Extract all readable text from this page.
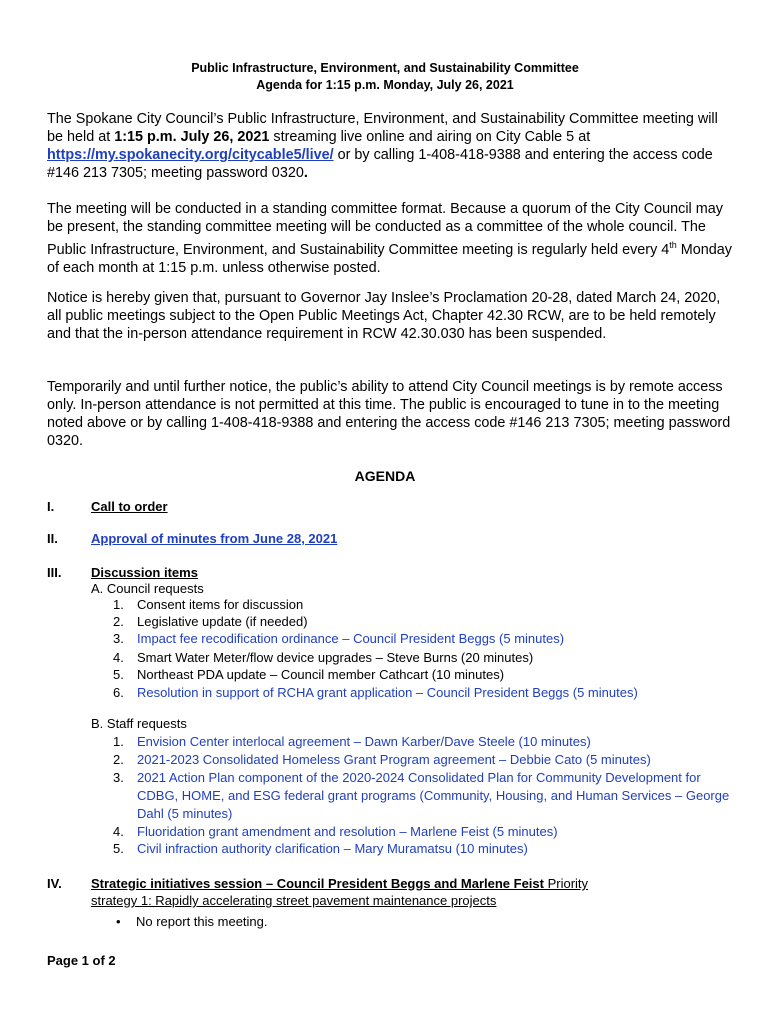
Public Infrastructure, Environment, and Sustainability Committee
Agenda for 1:15 p.m. Monday, July 26, 2021
The Spokane City Council’s Public Infrastructure, Environment, and Sustainability Committee meeting will be held at 1:15 p.m. July 26, 2021 streaming live online and airing on City Cable 5 at https://my.spokanecity.org/citycable5/live/ or by calling 1-408-418-9388 and entering the access code #146 213 7305; meeting password 0320.
The meeting will be conducted in a standing committee format. Because a quorum of the City Council may be present, the standing committee meeting will be conducted as a committee of the whole council. The Public Infrastructure, Environment, and Sustainability Committee meeting is regularly held every 4th Monday of each month at 1:15 p.m. unless otherwise posted.
Notice is hereby given that, pursuant to Governor Jay Inslee’s Proclamation 20-28, dated March 24, 2020, all public meetings subject to the Open Public Meetings Act, Chapter 42.30 RCW, are to be held remotely and that the in-person attendance requirement in RCW 42.30.030 has been suspended.
Temporarily and until further notice, the public’s ability to attend City Council meetings is by remote access only. In-person attendance is not permitted at this time. The public is encouraged to tune in to the meeting noted above or by calling 1-408-418-9388 and entering the access code #146 213 7305; meeting password 0320.
AGENDA
I.	Call to order
II.	Approval of minutes from June 28, 2021
III. Discussion items
A. Council requests
1. Consent items for discussion
2. Legislative update (if needed)
3. Impact fee recodification ordinance – Council President Beggs (5 minutes)
4. Smart Water Meter/flow device upgrades – Steve Burns (20 minutes)
5. Northeast PDA update – Council member Cathcart (10 minutes)
6. Resolution in support of RCHA grant application – Council President Beggs (5 minutes)
B. Staff requests
1. Envision Center interlocal agreement – Dawn Karber/Dave Steele (10 minutes)
2. 2021-2023 Consolidated Homeless Grant Program agreement – Debbie Cato (5 minutes)
3.	2021 Action Plan component of the 2020-2024 Consolidated Plan for Community Development for CDBG, HOME, and ESG federal grant programs (Community, Housing, and Human Services – George Dahl (5 minutes)
4. Fluoridation grant amendment and resolution – Marlene Feist (5 minutes)
5. Civil infraction authority clarification – Mary Muramatsu (10 minutes)
IV. Strategic initiatives session – Council President Beggs and Marlene Feist Priority strategy 1: Rapidly accelerating street pavement maintenance projects
• No report this meeting.
Page 1 of 2
